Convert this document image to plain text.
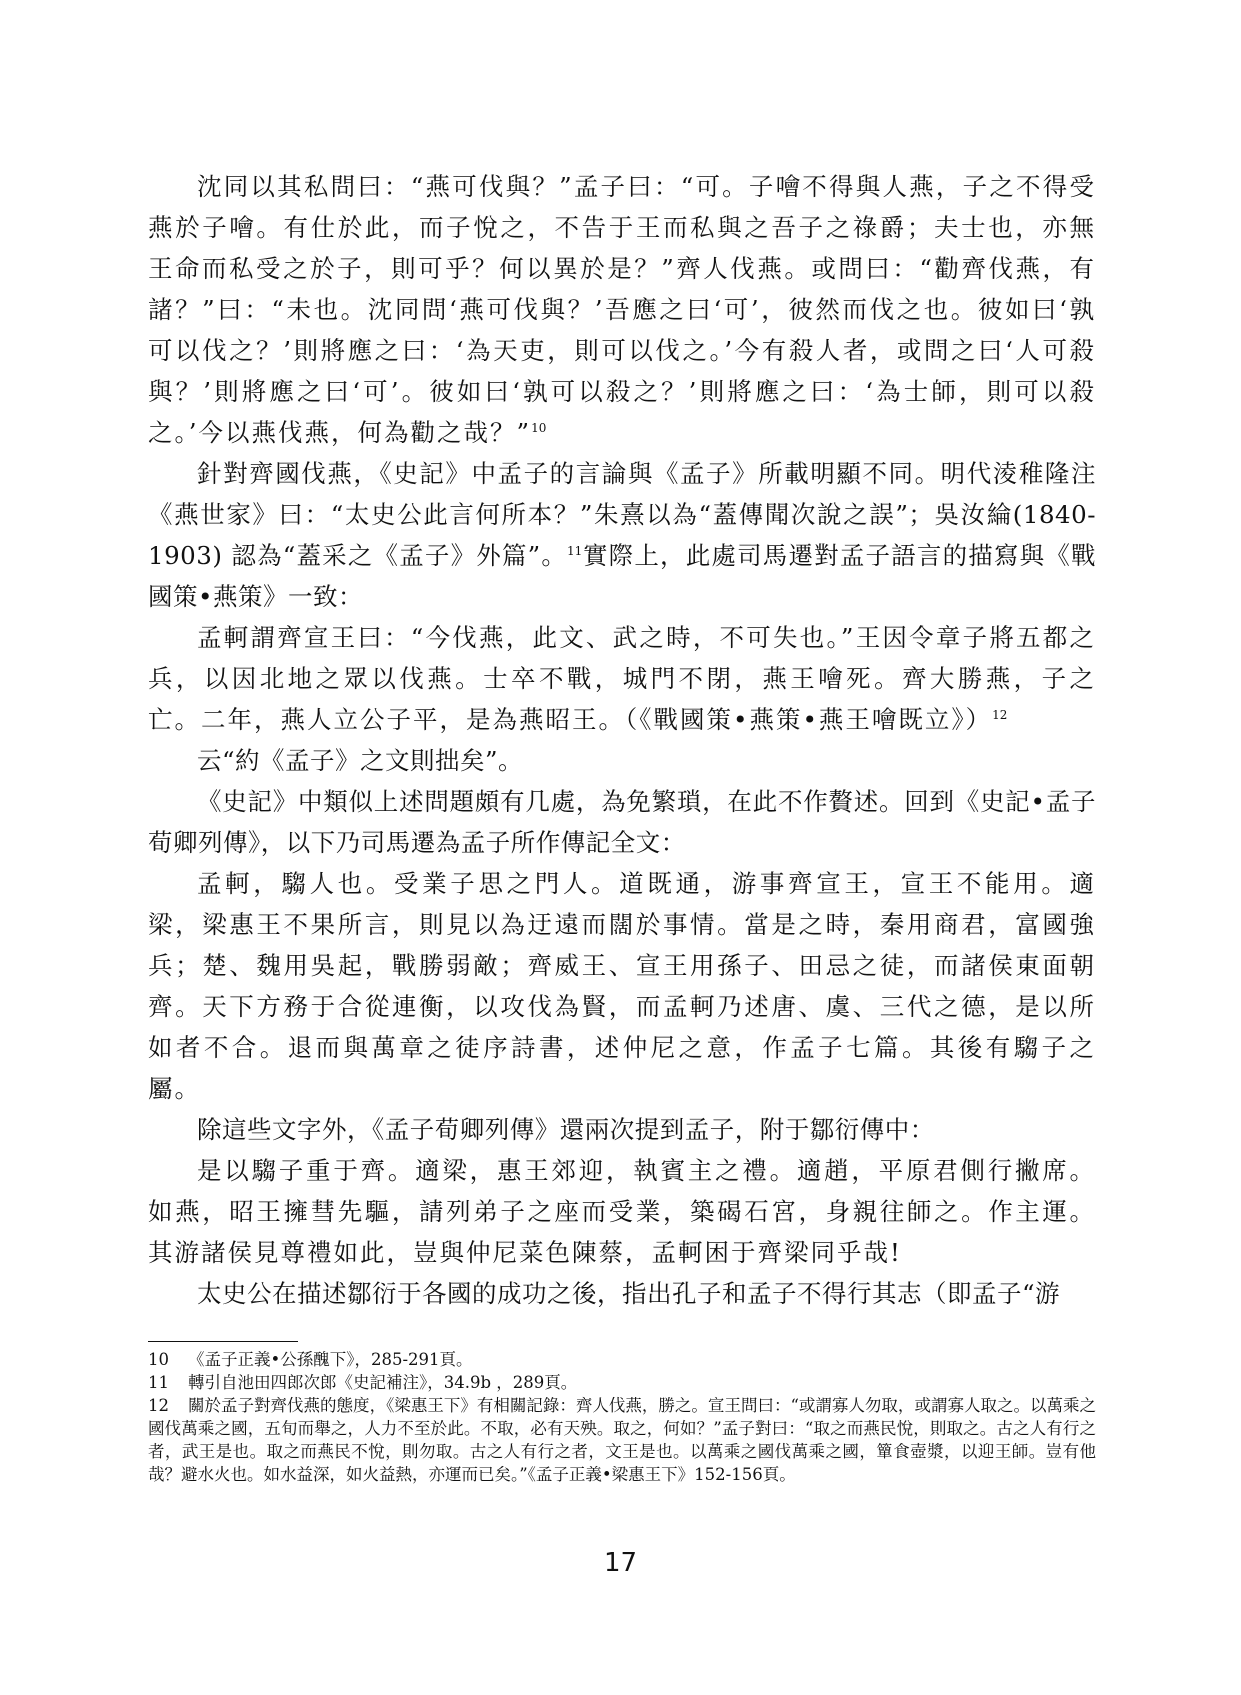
沈同以其私問曰：“燕可伐與？”孟子曰：“可。子噲不得與人燕，子之不得受燕於子噲。有仕於此，而子悅之，不告于王而私與之吾子之祿爵；夫士也，亦無王命而私受之於子，則可乎？何以異於是？”齊人伐燕。或問曰：“勸齊伐燕，有諸？”曰：“未也。沈同問‘燕可伐與？’吾應之曰‘可’，彼然而伐之也。彼如曰‘孰可以伐之？’則將應之曰：‘為天吏，則可以伐之。’今有殺人者，或問之曰‘人可殺與？’則將應之曰‘可’。彼如曰‘孰可以殺之？’則將應之曰：‘為士師，則可以殺之。’今以燕伐燕，何為勸之哉？”$^{10}$

針對齊國伐燕，《史記》中孟子的言論與《孟子》所載明顯不同。明代淩稚隆注《燕世家》曰：“太史公此言何所本？”朱熹以為“蓋傳聞次說之誤”；吳汝綸(1840-1903) 認為“蓋采之《孟子》外篇”。$^{11}$實際上，此處司馬遷對孟子語言的描寫與《戰國策•燕策》一致：

孟軻謂齊宣王曰：“今伐燕，此文、武之時，不可失也。”王因令章子將五都之兵，以因北地之眾以伐燕。士卒不戰，城門不閉，燕王噲死。齊大勝燕，子之亡。二年，燕人立公子平，是為燕昭王。（《戰國策•燕策•燕王噲既立》）$^{12}$

云“約《孟子》之文則拙矣”。

《史記》中類似上述問題頗有几處，為免繁瑣，在此不作贅述。回到《史記•孟子荀卿列傳》，以下乃司馬遷為孟子所作傳記全文：

孟軻，騶人也。受業子思之門人。道既通，游事齊宣王，宣王不能用。適梁，梁惠王不果所言，則見以為迂遠而闊於事情。當是之時，秦用商君，富國強兵；楚、魏用吳起，戰勝弱敵；齊威王、宣王用孫子、田忌之徒，而諸侯東面朝齊。天下方務于合從連衡，以攻伐為賢，而孟軻乃述唐、虞、三代之德，是以所如者不合。退而與萬章之徒序詩書，述仲尼之意，作孟子七篇。其後有騶子之屬。

除這些文字外，《孟子荀卿列傳》還兩次提到孟子，附于鄒衍傳中：

是以騶子重于齊。適梁，惠王郊迎，執賓主之禮。適趙，平原君側行撇席。如燕，昭王擁彗先驅，請列弟子之座而受業，築碣石宮，身親往師之。作主運。其游諸侯見尊禮如此，豈與仲尼菜色陳蔡，孟軻困于齊梁同乎哉!

太史公在描述鄒衍于各國的成功之後，指出孔子和孟子不得行其志（即孟子“游

10 《孟子正義•公孫醜下》，285-291頁。

11 轉引自池田四郎次郎《史記補注》，34.9b ，289頁。

12 關於孟子對齊伐燕的態度，《梁惠王下》有相關記錄：齊人伐燕，勝之。宣王問曰：“或謂寡人勿取，或謂寡人取之。以萬乘之國伐萬乘之國，五旬而舉之，人力不至於此。不取，必有天殃。取之，何如？”孟子對曰：“取之而燕民悅，則取之。古之人有行之者，武王是也。取之而燕民不悅，則勿取。古之人有行之者，文王是也。以萬乘之國伐萬乘之國，簞食壺漿，以迎王師。豈有他哉？避水火也。如水益深，如火益熱，亦運而已矣。”《孟子正義•梁惠王下》152-156頁。

17
